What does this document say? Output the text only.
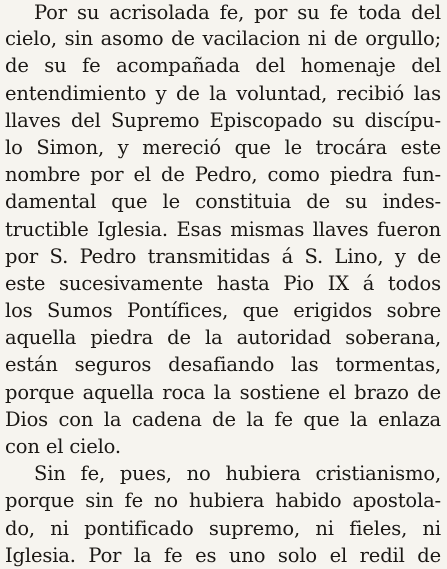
Por su acrisolada fe, por su fe toda del
cielo, sin asomo de vacilacion ni de orgullo;
de su fe acompañada del homenaje del
entendimiento y de la voluntad, recibió las
llaves del Supremo Episcopado su discípu-
lo Simon, y mereció que le trocára este
nombre por el de Pedro, como piedra fun-
damental que le constituia de su indes-
tructible Iglesia. Esas mismas llaves fueron
por S. Pedro transmitidas á S. Lino, y de
este sucesivamente hasta Pio IX á todos
los Sumos Pontífices, que erigidos sobre
aquella piedra de la autoridad soberana,
están seguros desafiando las tormentas,
porque aquella roca la sostiene el brazo de
Dios con la cadena de la fe que la enlaza
con el cielo.

Sin fe, pues, no hubiera cristianismo,
porque sin fe no hubiera habido apostola-
do, ni pontificado supremo, ni fieles, ni
Iglesia. Por la fe es uno solo el redil de
